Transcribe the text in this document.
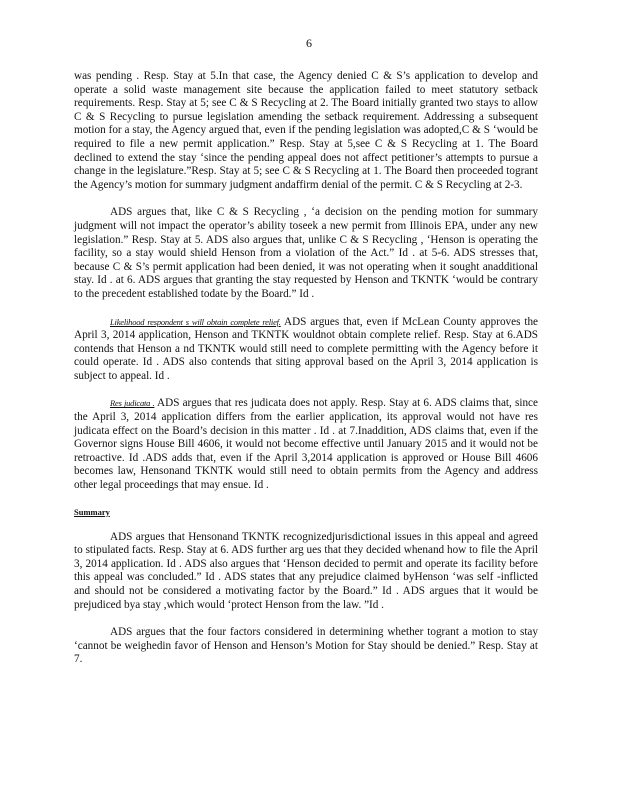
6

was pending . Resp. Stay at 5.In that case, the Agency denied C & S’s application to develop and operate a solid waste management site because the application failed to meet statutory setback requirements. Resp. Stay at 5; see C & S Recycling at 2. The Board initially granted two stays to allow C & S Recycling to pursue legislation amending the setback requirement. Addressing a subsequent motion for a stay, the Agency argued that, even if the pending legislation was adopted,C & S ‘would be required to file a new permit application.” Resp. Stay at 5,see C & S Recycling at 1. The Board declined to extend the stay ‘since the pending appeal does not affect petitioner’s attempts to pursue a change in the legislature.”Resp. Stay at 5; see C & S Recycling at 1. The Board then proceeded togrant the Agency’s motion for summary judgment andaffirm denial of the permit. C & S Recycling at 2-3.

ADS argues that, like C & S Recycling , ‘a decision on the pending motion for summary judgment will not impact the operator’s ability toseek a new permit from Illinois EPA, under any new legislation.” Resp. Stay at 5. ADS also argues that, unlike C & S Recycling , ‘Henson is operating the facility, so a stay would shield Henson from a violation of the Act.” Id . at 5-6. ADS stresses that, because C & S’s permit application had been denied, it was not operating when it sought anadditional stay. Id . at 6. ADS argues that granting the stay requested by Henson and TKNTK ‘would be contrary to the precedent established todate by the Board.” Id .

Likelihood respondent s will obtain complete relief. ADS argues that, even if McLean County approves the April 3, 2014 application, Henson and TKNTK wouldnot obtain complete relief. Resp. Stay at 6.ADS contends that Henson a nd TKNTK would still need to complete permitting with the Agency before it could operate. Id . ADS also contends that siting approval based on the April 3, 2014 application is subject to appeal. Id .

Res judicata . ADS argues that res judicata does not apply. Resp. Stay at 6. ADS claims that, since the April 3, 2014 application differs from the earlier application, its approval would not have res judicata effect on the Board’s decision in this matter . Id . at 7.Inaddition, ADS claims that, even if the Governor signs House Bill 4606, it would not become effective until January 2015 and it would not be retroactive. Id .ADS adds that, even if the April 3,2014 application is approved or House Bill 4606 becomes law, Hensonand TKNTK would still need to obtain permits from the Agency and address other legal proceedings that may ensue. Id .

Summary

ADS argues that Hensonand TKNTK recognizedjurisdictional issues in this appeal and agreed to stipulated facts. Resp. Stay at 6. ADS further arg ues that they decided whenand how to file the April 3, 2014 application. Id . ADS also argues that ‘Henson decided to permit and operate its facility before this appeal was concluded.” Id . ADS states that any prejudice claimed byHenson ‘was self -inflicted and should not be considered a motivating factor by the Board.” Id . ADS argues that it would be prejudiced bya stay ,which would ‘protect Henson from the law. ”Id .

ADS argues that the four factors considered in determining whether togrant a motion to stay ‘cannot be weighedin favor of Henson and Henson’s Motion for Stay should be denied.” Resp. Stay at 7.
